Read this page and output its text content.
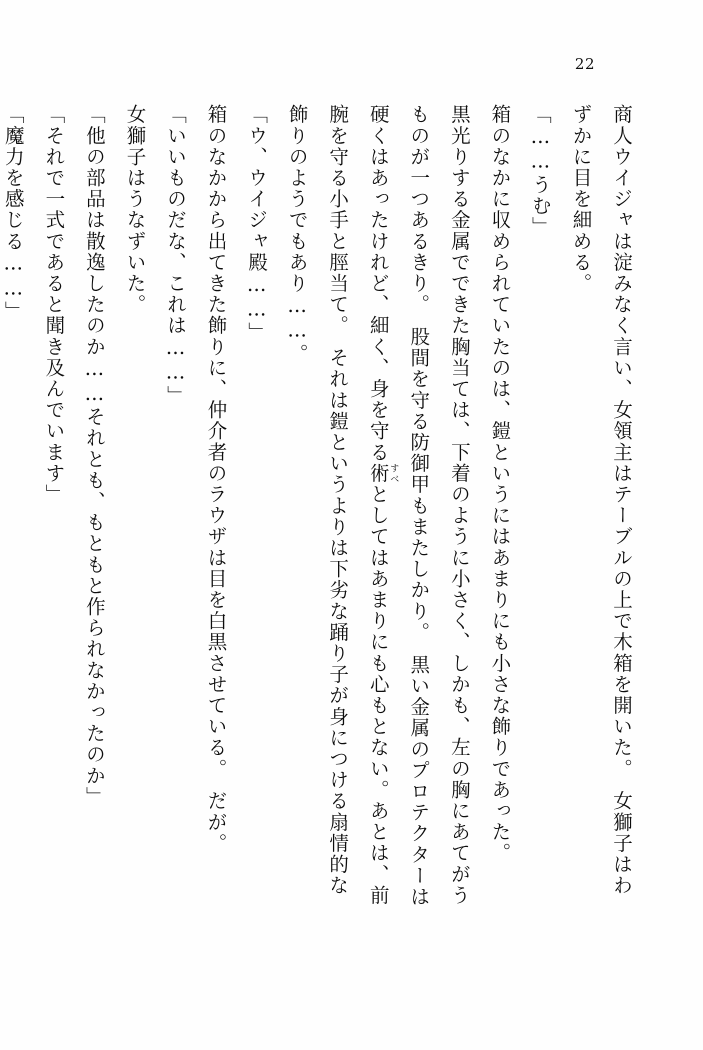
22

商人ウイジャは淀みなく言い、女領主はテーブルの上で木箱を開いた。　女獅子はわずかに目を細める。

「……うむ」

箱のなかに収められていたのは、鎧というにはあまりにも小さな飾りであった。

黒光りする金属でできた胸当ては、下着のように小さく、しかも、左の胸にあてがうものが一つあるきり。　股間を守る防御甲もまたしかり。　黒い金属のプロテクターは硬くはあったけれど、細く、身を守る術すべとしてはあまりにも心もとない。あとは、前腕を守る小手と脛当て。　それは鎧というよりは下劣な踊り子が身につける扇情的な飾りのようでもあり……。

「ウ、ウイジャ殿……」

箱のなかから出てきた飾りに、仲介者のラウザは目を白黒させている。　だが。

「いいものだな、これは……」

女獅子はうなずいた。

「他の部品は散逸したのか……それとも、もともと作られなかったのか」

「それで一式であると聞き及んでいます」

「魔力を感じる……」
